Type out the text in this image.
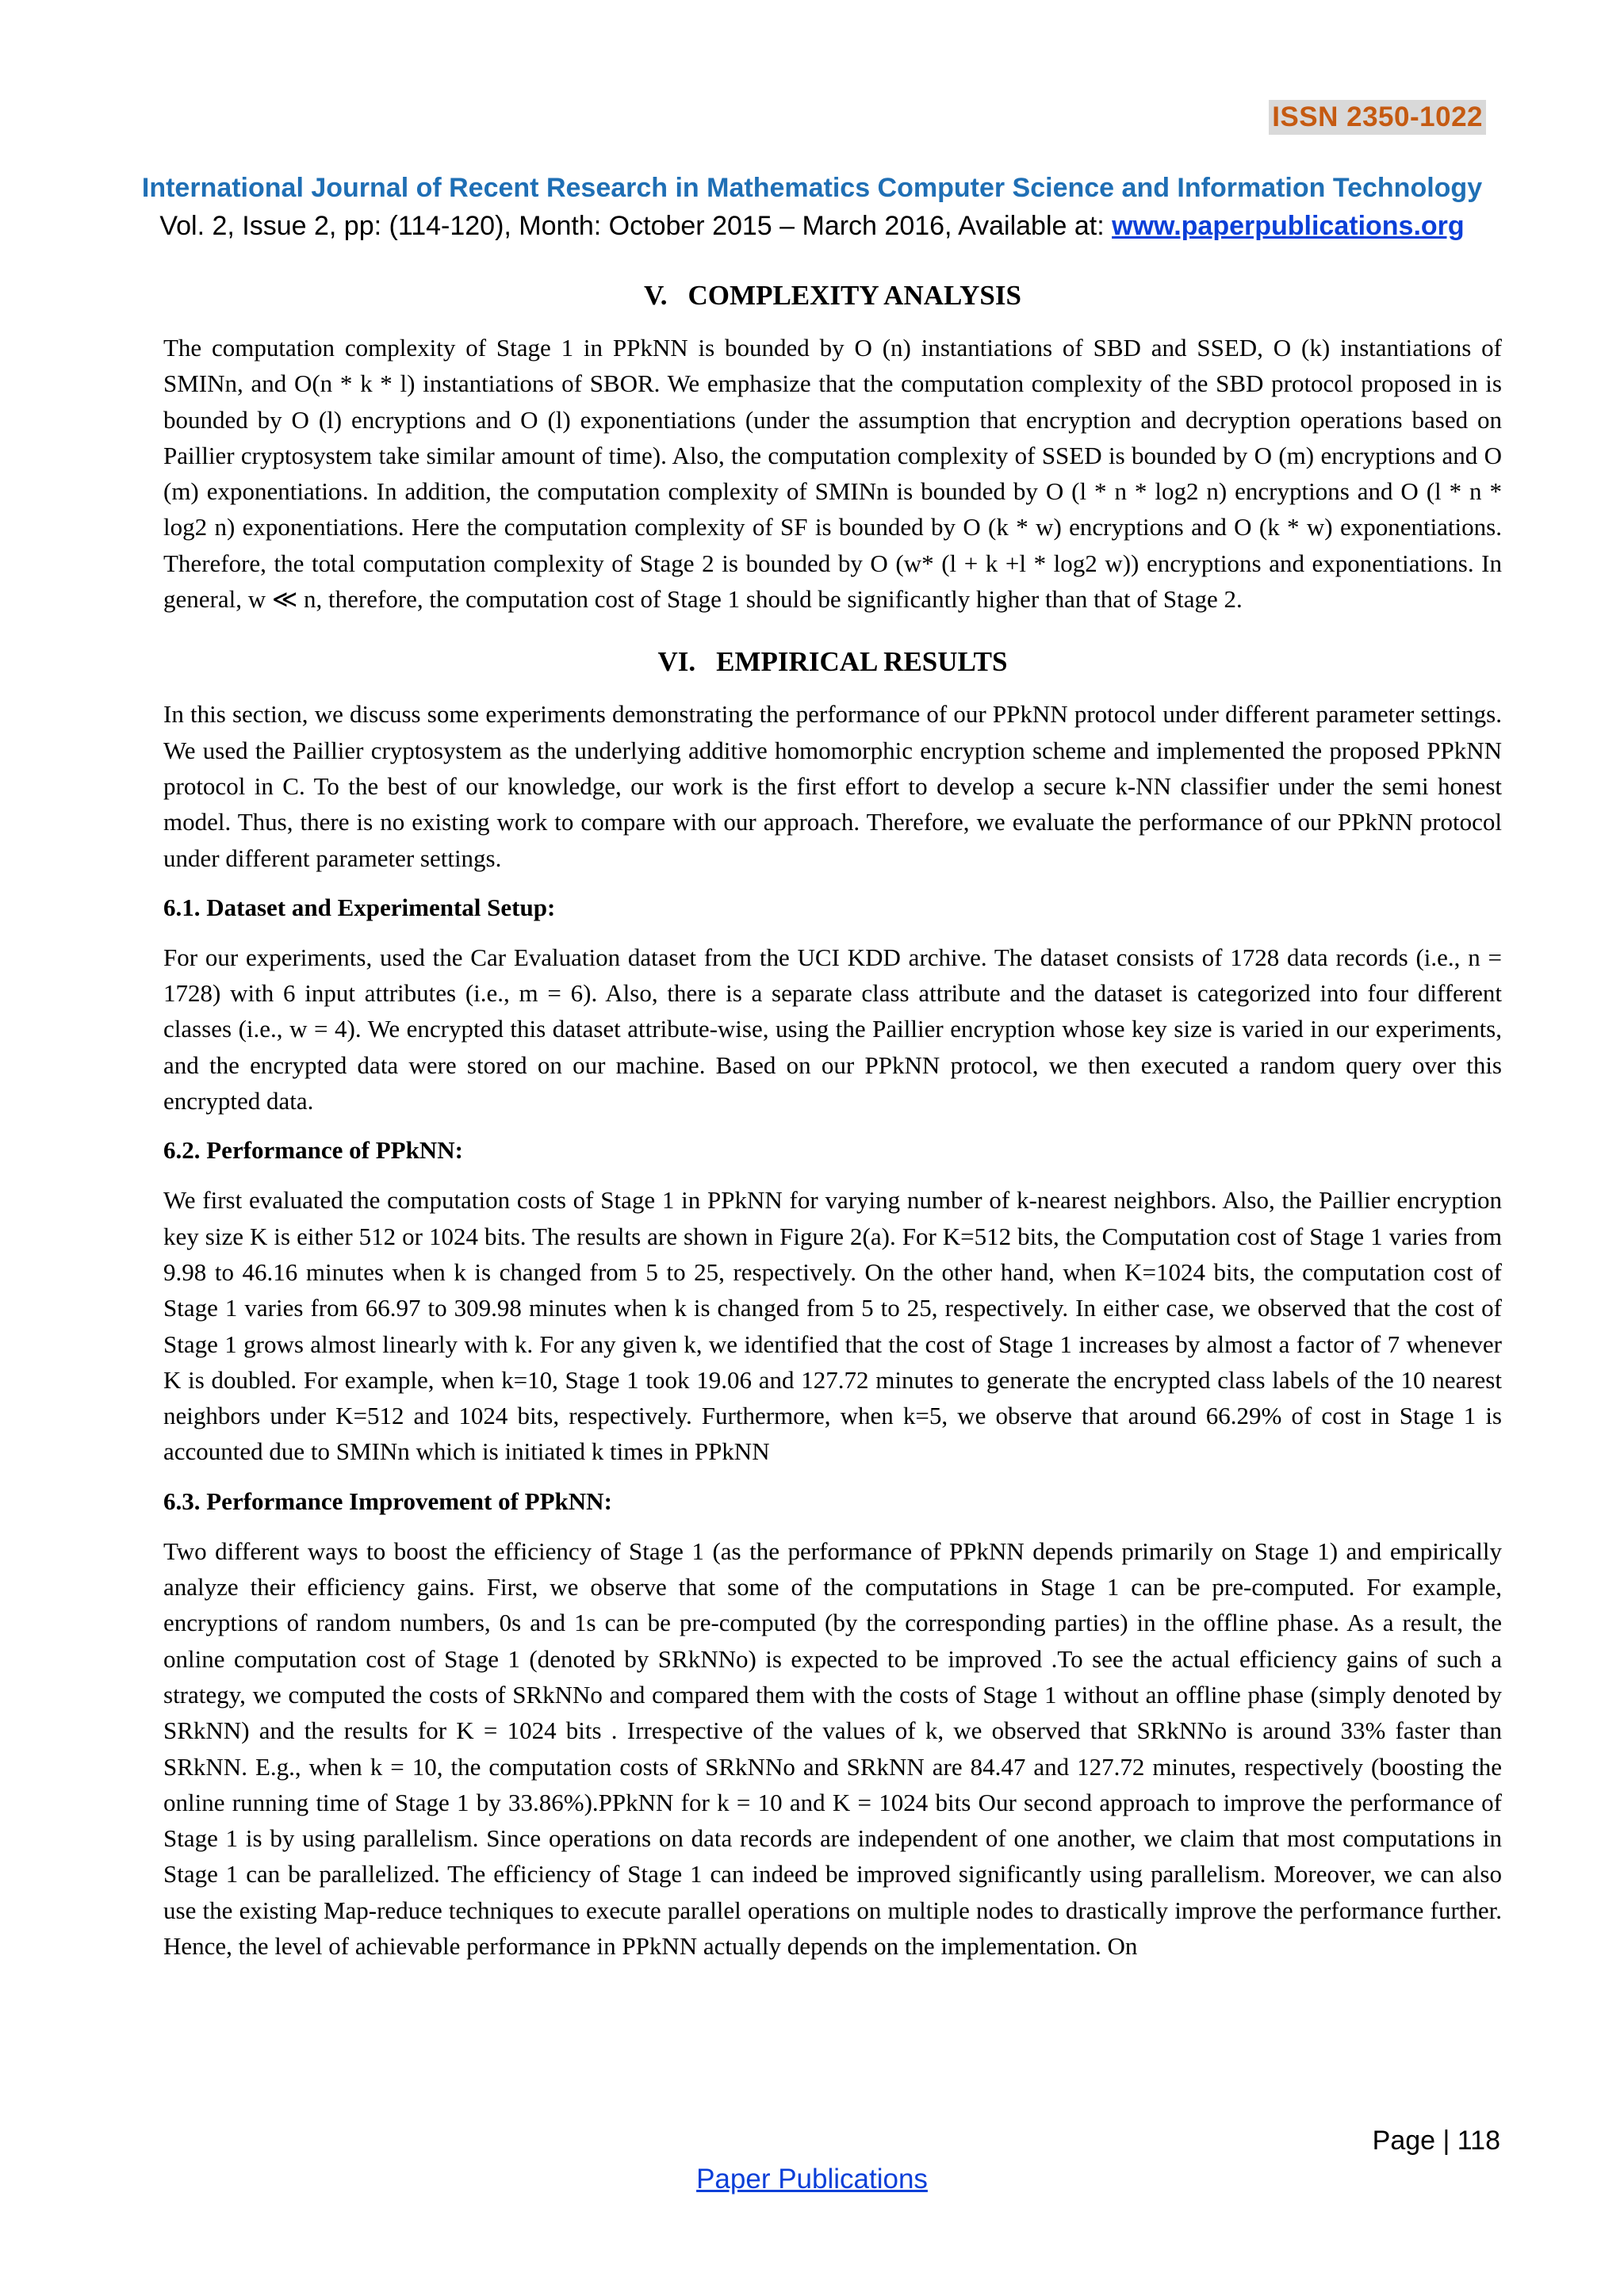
ISSN 2350-1022
International Journal of Recent Research in Mathematics Computer Science and Information Technology
Vol. 2, Issue 2, pp: (114-120), Month: October 2015 – March 2016, Available at: www.paperpublications.org
V. COMPLEXITY ANALYSIS

The computation complexity of Stage 1 in PPkNN is bounded by O (n) instantiations of SBD and SSED, O (k) instantiations of SMINn, and O(n * k * l) instantiations of SBOR. We emphasize that the computation complexity of the SBD protocol proposed in is bounded by O (l) encryptions and O (l) exponentiations (under the assumption that encryption and decryption operations based on Paillier cryptosystem take similar amount of time). Also, the computation complexity of SSED is bounded by O (m) encryptions and O (m) exponentiations. In addition, the computation complexity of SMINn is bounded by O (l * n * log2 n) encryptions and O (l * n * log2 n) exponentiations. Here the computation complexity of SF is bounded by O (k * w) encryptions and O (k * w) exponentiations. Therefore, the total computation complexity of Stage 2 is bounded by O (w* (l + k +l * log2 w)) encryptions and exponentiations. In general, w ≪ n, therefore, the computation cost of Stage 1 should be significantly higher than that of Stage 2.

VI. EMPIRICAL RESULTS

In this section, we discuss some experiments demonstrating the performance of our PPkNN protocol under different parameter settings. We used the Paillier cryptosystem as the underlying additive homomorphic encryption scheme and implemented the proposed PPkNN protocol in C. To the best of our knowledge, our work is the first effort to develop a secure k-NN classifier under the semi honest model. Thus, there is no existing work to compare with our approach. Therefore, we evaluate the performance of our PPkNN protocol under different parameter settings.

6.1. Dataset and Experimental Setup:

For our experiments, used the Car Evaluation dataset from the UCI KDD archive. The dataset consists of 1728 data records (i.e., n = 1728) with 6 input attributes (i.e., m = 6). Also, there is a separate class attribute and the dataset is categorized into four different classes (i.e., w = 4). We encrypted this dataset attribute-wise, using the Paillier encryption whose key size is varied in our experiments, and the encrypted data were stored on our machine. Based on our PPkNN protocol, we then executed a random query over this encrypted data.

6.2. Performance of PPkNN:

We first evaluated the computation costs of Stage 1 in PPkNN for varying number of k-nearest neighbors. Also, the Paillier encryption key size K is either 512 or 1024 bits. The results are shown in Figure 2(a). For K=512 bits, the Computation cost of Stage 1 varies from 9.98 to 46.16 minutes when k is changed from 5 to 25, respectively. On the other hand, when K=1024 bits, the computation cost of Stage 1 varies from 66.97 to 309.98 minutes when k is changed from 5 to 25, respectively. In either case, we observed that the cost of Stage 1 grows almost linearly with k. For any given k, we identified that the cost of Stage 1 increases by almost a factor of 7 whenever K is doubled. For example, when k=10, Stage 1 took 19.06 and 127.72 minutes to generate the encrypted class labels of the 10 nearest neighbors under K=512 and 1024 bits, respectively. Furthermore, when k=5, we observe that around 66.29% of cost in Stage 1 is accounted due to SMINn which is initiated k times in PPkNN

6.3. Performance Improvement of PPkNN:

Two different ways to boost the efficiency of Stage 1 (as the performance of PPkNN depends primarily on Stage 1) and empirically analyze their efficiency gains. First, we observe that some of the computations in Stage 1 can be pre-computed. For example, encryptions of random numbers, 0s and 1s can be pre-computed (by the corresponding parties) in the offline phase. As a result, the online computation cost of Stage 1 (denoted by SRkNNo) is expected to be improved .To see the actual efficiency gains of such a strategy, we computed the costs of SRkNNo and compared them with the costs of Stage 1 without an offline phase (simply denoted by SRkNN) and the results for K = 1024 bits . Irrespective of the values of k, we observed that SRkNNo is around 33% faster than SRkNN. E.g., when k = 10, the computation costs of SRkNNo and SRkNN are 84.47 and 127.72 minutes, respectively (boosting the online running time of Stage 1 by 33.86%).PPkNN for k = 10 and K = 1024 bits Our second approach to improve the performance of Stage 1 is by using parallelism. Since operations on data records are independent of one another, we claim that most computations in Stage 1 can be parallelized. The efficiency of Stage 1 can indeed be improved significantly using parallelism. Moreover, we can also use the existing Map-reduce techniques to execute parallel operations on multiple nodes to drastically improve the performance further. Hence, the level of achievable performance in PPkNN actually depends on the implementation. On

Page | 118
Paper Publications
